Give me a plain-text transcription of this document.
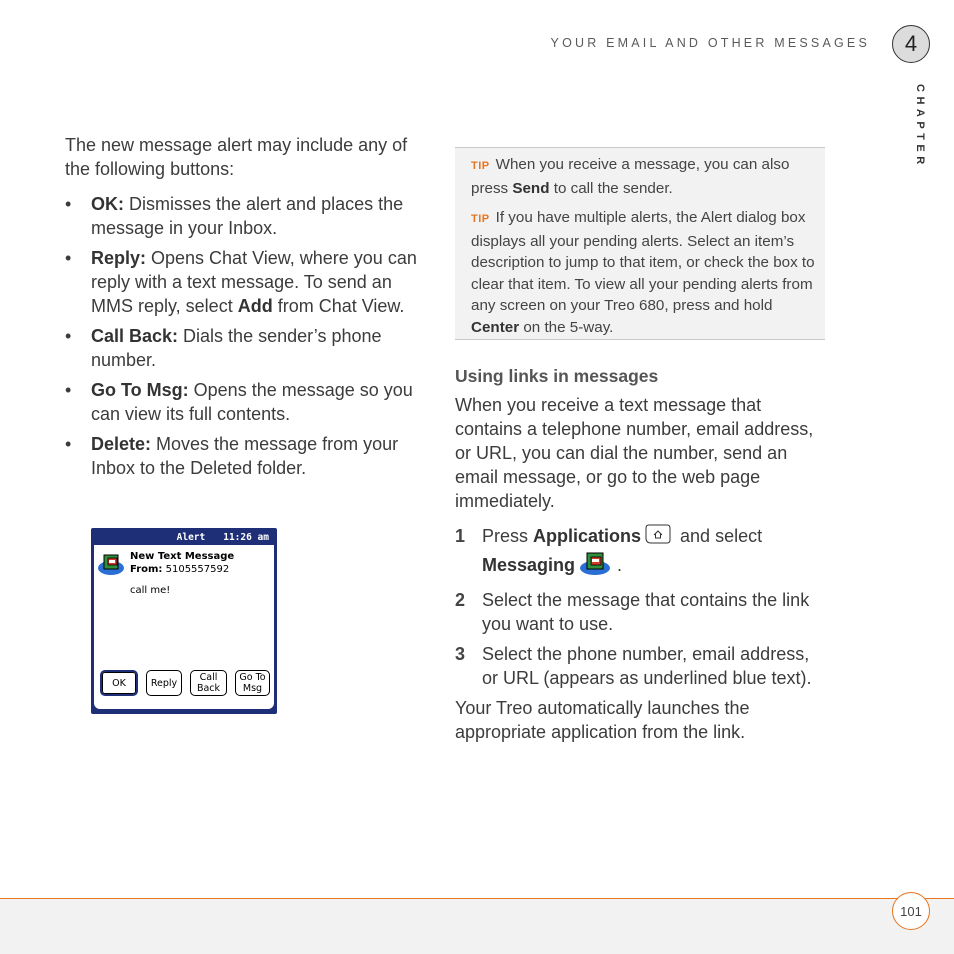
YOUR EMAIL AND OTHER MESSAGES	4
CHAPTER

The new message alert may include any of the following buttons:

• OK: Dismisses the alert and places the message in your Inbox.
• Reply: Opens Chat View, where you can reply with a text message. To send an MMS reply, select Add from Chat View.
• Call Back: Dials the sender’s phone number.
• Go To Msg: Opens the message so you can view its full contents.
• Delete: Moves the message from your Inbox to the Deleted folder.
Alert 11:26 am
New Text Message
From: 5105557592
call me!
OK	Reply	Call
Back
Go To
Msg

TIP When you receive a message, you can also press Send to call the sender.

TIP If you have multiple alerts, the Alert dialog box displays all your pending alerts. Select an item’s description to jump to that item, or check the box to clear that item. To view all your pending alerts from any screen on your Treo 680, press and hold Center on the 5-way.

Using links in messages

When you receive a text message that contains a telephone number, email address, or URL, you can dial the number, send an email message, or go to the web page immediately.

1 Press Applications and select Messaging .
2 Select the message that contains the link you want to use.
3 Select the phone number, email address, or URL (appears as underlined blue text).

Your Treo automatically launches the appropriate application from the link.

101
